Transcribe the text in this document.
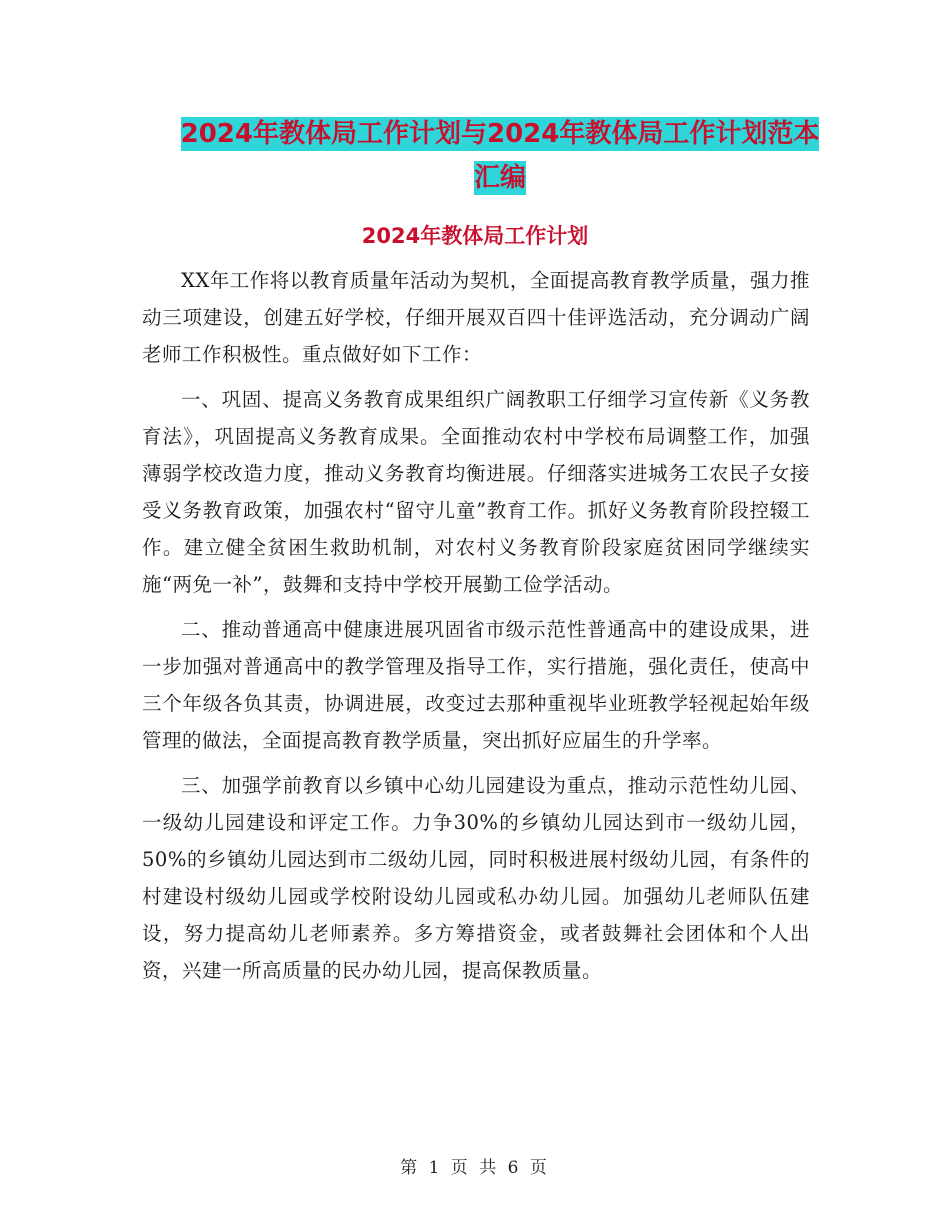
2024年教体局工作计划与2024年教体局工作计划范本
汇编
2024年教体局工作计划

XX年工作将以教育质量年活动为契机，全面提高教育教学质量，强力推动三项建设，创建五好学校，仔细开展双百四十佳评选活动，充分调动广阔老师工作积极性。重点做好如下工作：

一、巩固、提高义务教育成果组织广阔教职工仔细学习宣传新《义务教育法》，巩固提高义务教育成果。全面推动农村中学校布局调整工作，加强薄弱学校改造力度，推动义务教育均衡进展。仔细落实进城务工农民子女接受义务教育政策，加强农村“留守儿童”教育工作。抓好义务教育阶段控辍工作。建立健全贫困生救助机制，对农村义务教育阶段家庭贫困同学继续实施“两免一补”，鼓舞和支持中学校开展勤工俭学活动。

二、推动普通高中健康进展巩固省市级示范性普通高中的建设成果，进一步加强对普通高中的教学管理及指导工作，实行措施，强化责任，使高中三个年级各负其责，协调进展，改变过去那种重视毕业班教学轻视起始年级管理的做法，全面提高教育教学质量，突出抓好应届生的升学率。

三、加强学前教育以乡镇中心幼儿园建设为重点，推动示范性幼儿园、一级幼儿园建设和评定工作。力争30%的乡镇幼儿园达到市一级幼儿园，50%的乡镇幼儿园达到市二级幼儿园，同时积极进展村级幼儿园，有条件的村建设村级幼儿园或学校附设幼儿园或私办幼儿园。加强幼儿老师队伍建设，努力提高幼儿老师素养。多方筹措资金，或者鼓舞社会团体和个人出资，兴建一所高质量的民办幼儿园，提高保教质量。

第 1 页 共 6 页
